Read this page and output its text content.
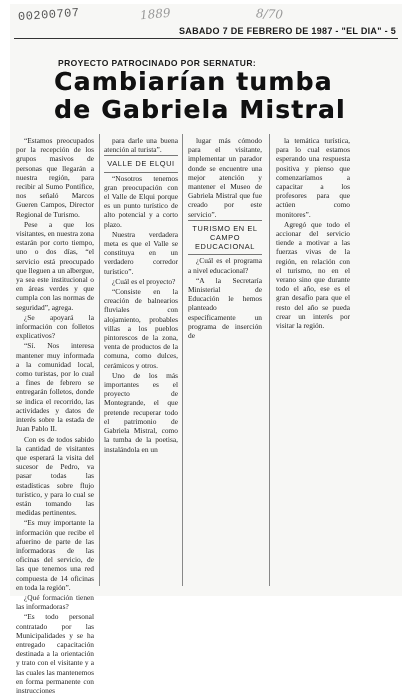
00200707	1889	8/70
SABADO 7 DE FEBRERO DE 1987 - "EL DIA" - 5
PROYECTO PATROCINADO POR SERNATUR:
Cambiarían tumba de Gabriela Mistral

“Estamos preocupados por la recepción de los grupos masivos de personas que llegarán a nuestra región, para recibir al Sumo Pontífice, nos señaló Marcos Gueren Campos, Director Regional de Turismo.

Pese a que los visitantes, en nuestra zona estarán por corto tiempo, uno o dos días, “el servicio está preocupado que lleguen a un albergue, ya sea este institucional o en áreas verdes y que cumpla con las normas de seguridad”, agrega.

¿Se apoyará la información con folletos explicativos?

“Sí. Nos interesa mantener muy informada a la comunidad local, como turistas, por lo cual a fines de febrero se entregarán folletos, donde se indica el recorrido, las actividades y datos de interés sobre la estada de Juan Pablo II.

Con es de todos sabido la cantidad de visitantes que esperará la visita del sucesor de Pedro, va pasar todas las estadísticas sobre flujo turístico, y para lo cual se están tomando las medidas pertinentes.

“Es muy importante la información que recibe el afuerino de parte de las informadoras de las oficinas del servicio, de las que tenemos una red compuesta de 14 oficinas en toda la región”.

¿Qué formación tienen las informadoras?

“Es todo personal contratado por las Municipalidades y se ha entregado capacitación destinada a la orientación y trato con el visitante y a las cuales las mantenemos en forma permanente con instrucciones

para darle una buena atención al turista”.

VALLE DE ELQUI

“Nosotros tenemos gran preocupación con el Valle de Elqui porque es un punto turístico de alto potencial y a corto plazo.

Nuestra verdadera meta es que el Valle se constituya en un verdadero corredor turístico”.

¿Cuál es el proyecto?

“Consiste en la creación de balnearios fluviales con alojamiento, probables villas a los pueblos pintorescos de la zona, venta de productos de la comuna, como dulces, cerámicos y otros.

Uno de los más importantes es el proyecto de Montegrande, el que pretende recuperar todo el patrimonio de Gabriela Mistral, como la tumba de la poetisa, instalándola en un

lugar más cómodo para el visitante, implementar un parador donde se encuentre una mejor atención y mantener el Museo de Gabriela Mistral que fue creado por este servicio”.

TURISMO EN EL CAMPO EDUCACIONAL

¿Cuál es el programa a nivel educacional?

“A la Secretaría Ministerial de Educación le hemos planteado específicamente un programa de inserción de

la temática turística, para lo cual estamos esperando una respuesta positiva y pienso que comenzaríamos a capacitar a los profesores para que actúen como monitores”.

Agregó que todo el accionar del servicio tiende a motivar a las fuerzas vivas de la región, en relación con el turismo, no en el verano sino que durante todo el año, ese es el gran desafío para que el resto del año se pueda crear un interés por visitar la región.
